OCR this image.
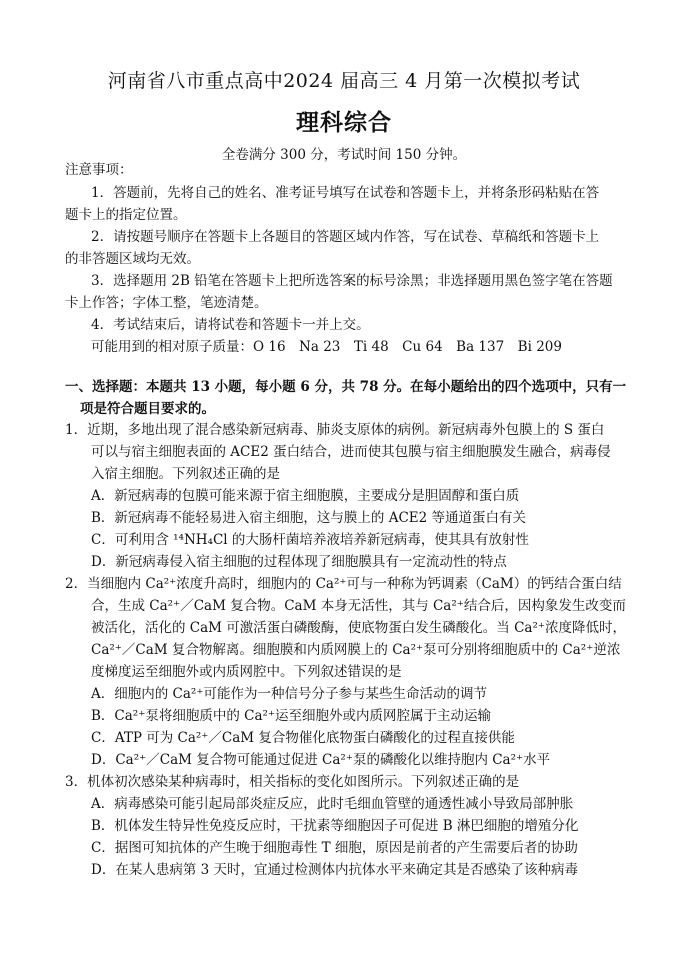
河南省八市重点高中2024 届高三 4 月第一次模拟考试
理科综合
全卷满分 300 分，考试时间 150 分钟。
注意事项：
1．答题前，先将自己的姓名、准考证号填写在试卷和答题卡上，并将条形码粘贴在答
题卡上的指定位置。
2．请按题号顺序在答题卡上各题目的答题区域内作答，写在试卷、草稿纸和答题卡上
的非答题区域均无效。
3．选择题用 2B 铅笔在答题卡上把所选答案的标号涂黑；非选择题用黑色签字笔在答题
卡上作答；字体工整，笔迹清楚。
4．考试结束后，请将试卷和答题卡一并上交。
可能用到的相对原子质量：O 16　Na 23　Ti 48　Cu 64　Ba 137　Bi 209
一、选择题：本题共 13 小题，每小题 6 分，共 78 分。在每小题给出的四个选项中，只有一
项是符合题目要求的。
1．近期，多地出现了混合感染新冠病毒、肺炎支原体的病例。新冠病毒外包膜上的 S 蛋白
可以与宿主细胞表面的 ACE2 蛋白结合，进而使其包膜与宿主细胞膜发生融合，病毒侵
入宿主细胞。下列叙述正确的是
A．新冠病毒的包膜可能来源于宿主细胞膜，主要成分是胆固醇和蛋白质
B．新冠病毒不能轻易进入宿主细胞，这与膜上的 ACE2 等通道蛋白有关
C．可利用含 ¹⁴NH₄Cl 的大肠杆菌培养液培养新冠病毒，使其具有放射性
D．新冠病毒侵入宿主细胞的过程体现了细胞膜具有一定流动性的特点
2．当细胞内 Ca²⁺浓度升高时，细胞内的 Ca²⁺可与一种称为钙调素（CaM）的钙结合蛋白结
合，生成 Ca²⁺／CaM 复合物。CaM 本身无活性，其与 Ca²⁺结合后，因构象发生改变而
被活化，活化的 CaM 可激活蛋白磷酸酶，使底物蛋白发生磷酸化。当 Ca²⁺浓度降低时，
Ca²⁺／CaM 复合物解离。细胞膜和内质网膜上的 Ca²⁺泵可分别将细胞质中的 Ca²⁺逆浓
度梯度运至细胞外或内质网腔中。下列叙述错误的是
A．细胞内的 Ca²⁺可能作为一种信号分子参与某些生命活动的调节
B．Ca²⁺泵将细胞质中的 Ca²⁺运至细胞外或内质网腔属于主动运输
C．ATP 可为 Ca²⁺／CaM 复合物催化底物蛋白磷酸化的过程直接供能
D．Ca²⁺／CaM 复合物可能通过促进 Ca²⁺泵的磷酸化以维持胞内 Ca²⁺水平
3．机体初次感染某种病毒时，相关指标的变化如图所示。下列叙述正确的是
A．病毒感染可能引起局部炎症反应，此时毛细血管壁的通透性减小导致局部肿胀
B．机体发生特异性免疫反应时，干扰素等细胞因子可促进 B 淋巴细胞的增殖分化
C．据图可知抗体的产生晚于细胞毒性 T 细胞，原因是前者的产生需要后者的协助
D．在某人患病第 3 天时，宜通过检测体内抗体水平来确定其是否感染了该种病毒
